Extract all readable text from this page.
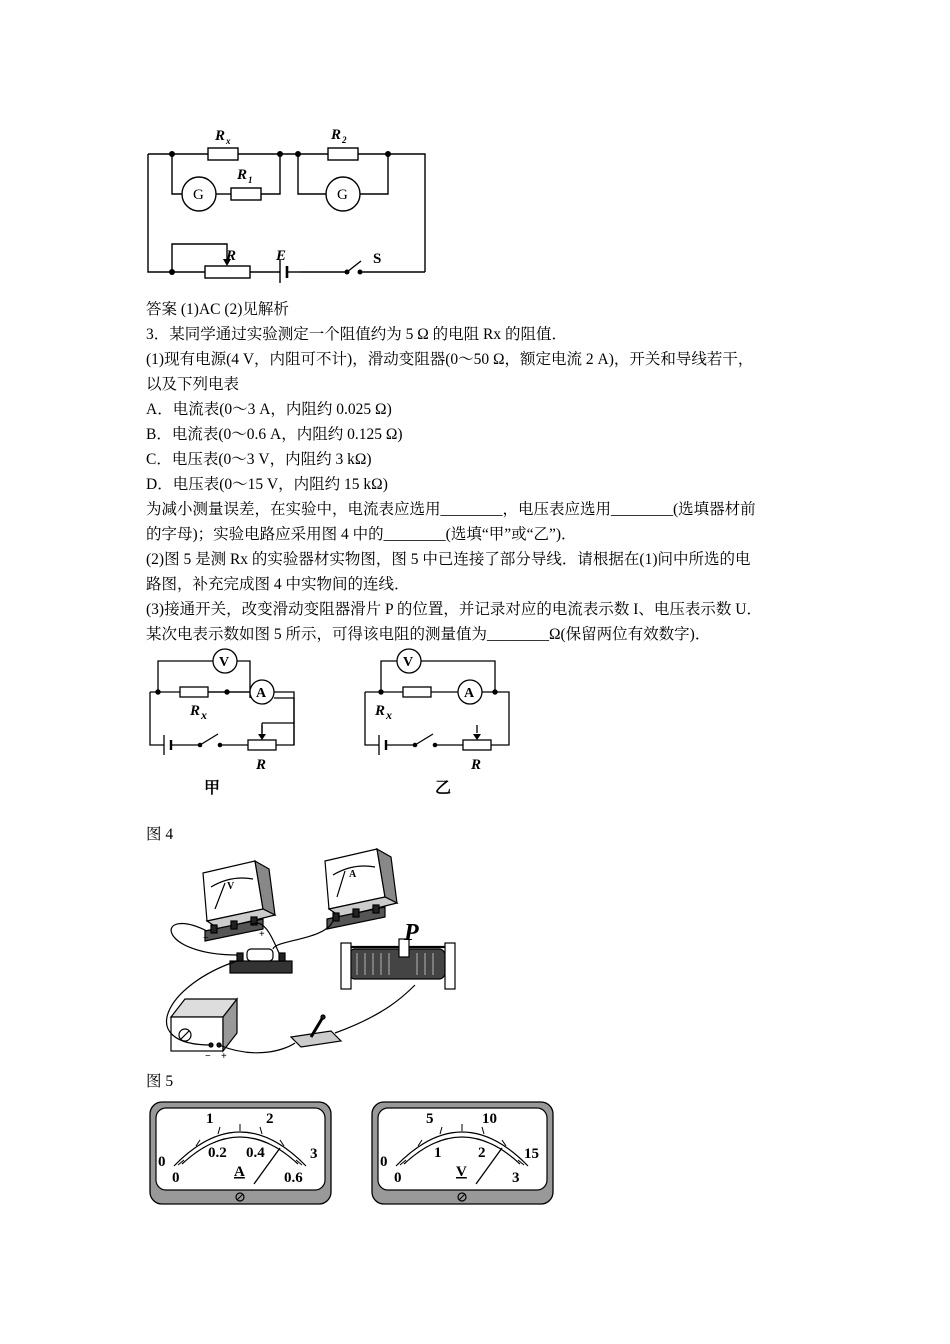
R x	R 2
R 1
R	E
G	G
S
答案 (1)AC (2)见解析
3．某同学通过实验测定一个阻值约为 5 Ω 的电阻 Rx 的阻值．
(1)现有电源(4 V，内阻可不计)，滑动变阻器(0～50 Ω，额定电流 2 A)，开关和导线若干，
以及下列电表
A．电流表(0～3 A，内阻约 0.025 Ω)
B．电流表(0～0.6 A，内阻约 0.125 Ω)
C．电压表(0～3 V，内阻约 3 kΩ)
D．电压表(0～15 V，内阻约 15 kΩ)
为减小测量误差，在实验中，电流表应选用________，电压表应选用________(选填器材前
的字母)；实验电路应采用图 4 中的________(选填“甲”或“乙”)．
(2)图 5 是测 Rx 的实验器材实物图，图 5 中已连接了部分导线．请根据在(1)问中所选的电
路图，补充完成图 4 中实物间的连线．
(3)接通开关，改变滑动变阻器滑片 P 的位置，并记录对应的电流表示数 I、电压表示数 U．
某次电表示数如图 5 所示，可得该电阻的测量值为________Ω(保留两位有效数字)．
V
A
R x
R
甲
V
A
R x
R
乙
图 4
V
−	+
A
P
− +
图 5
1	2
3
0
0
0.2 0.4
0.6
A
5	10
15
0
0
1 2
3
V
